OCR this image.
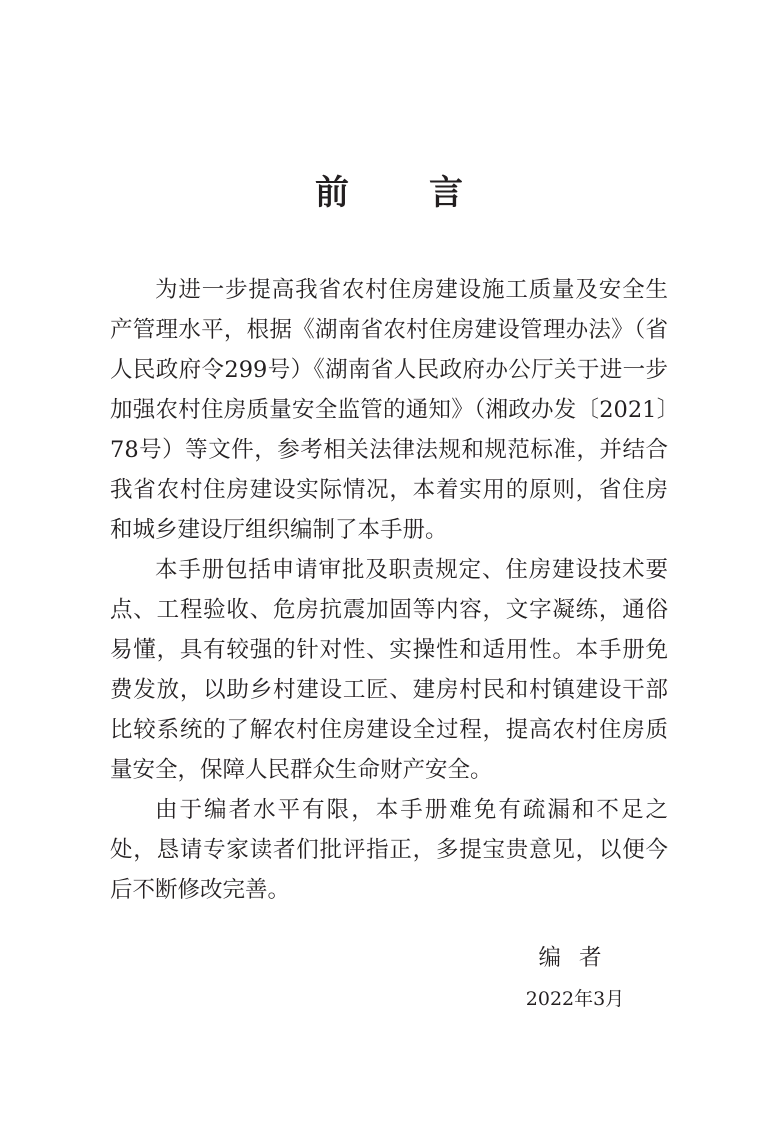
前言

为进一步提高我省农村住房建设施工质量及安全生产管理水平，根据《湖南省农村住房建设管理办法》（省人民政府令299号）《湖南省人民政府办公厅关于进一步加强农村住房质量安全监管的通知》（湘政办发〔2021〕78号）等文件，参考相关法律法规和规范标准，并结合我省农村住房建设实际情况，本着实用的原则，省住房和城乡建设厅组织编制了本手册。

本手册包括申请审批及职责规定、住房建设技术要点、工程验收、危房抗震加固等内容，文字凝练，通俗易懂，具有较强的针对性、实操性和适用性。本手册免费发放，以助乡村建设工匠、建房村民和村镇建设干部比较系统的了解农村住房建设全过程，提高农村住房质量安全，保障人民群众生命财产安全。

由于编者水平有限，本手册难免有疏漏和不足之处，恳请专家读者们批评指正，多提宝贵意见，以便今后不断修改完善。

编者
2022年3月
